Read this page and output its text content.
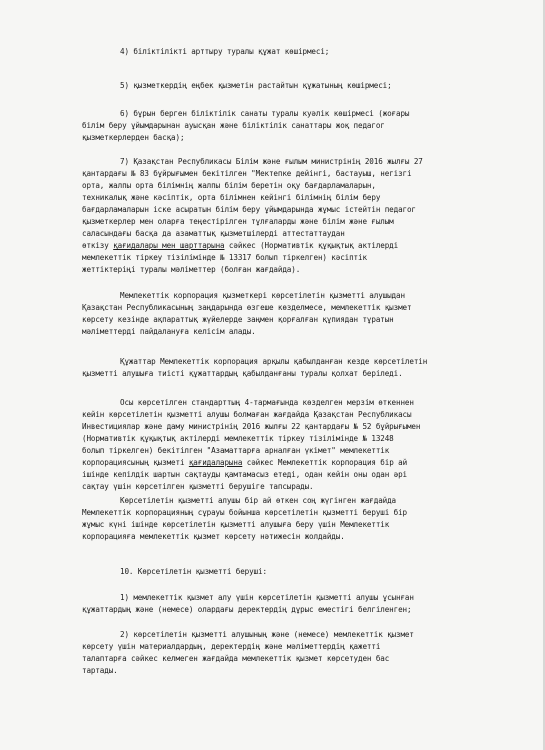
4) біліктілікті арттыру туралы құжат көшірмесі;
5) қызметкердің еңбек қызметін растайтын құжатының көшірмесі;
6) бұрын берген біліктілік санаты туралы куәлік көшірмесі (жоғары
білім беру ұйымдарынан ауысқан және біліктілік санаттары жоқ педагог
қызметкерлерден басқа);
7) Қазақстан Республикасы Білім және ғылым министрінің 2016 жылғы 27
қантардағы № 83 бұйрығымен бекітілген "Мектепке дейінгі, бастауыш, негізгі
орта, жалпы орта білімнің жалпы білім беретін оқу бағдарламаларын,
техникалық және кәсіптік, орта білімнен кейінгі білімнің білім беру
бағдарламаларын іске асыратын білім беру ұйымдарында жұмыс істейтін педагог
қызметкерлер мен оларға теңестірілген тұлғаларды және білім және ғылым
саласындағы басқа да азаматтық қызметшілерді аттестаттаудан
өткізу қағидалары мен шарттарына сәйкес (Нормативтік құқықтық актілерді
мемлекеттік тіркеу тізілімінде № 13317 болып тіркелген) кәсіптік
жеттіктеріңі туралы мәліметтер (болған жағдайда).
Мемлекеттік корпорация қызметкері көрсетілетін қызметті алушыдан
Қазақстан Республикасының заңдарында өзгеше көзделмесе, мемлекеттік қызмет
көрсету кезінде ақпараттық жүйелерде заңмен қорғалған құпиядан тұратын
мәліметтерді пайдалануға келісім алады.
Құжаттар Мемлекеттік корпорация арқылы қабылданған кезде көрсетілетін
қызметті алушыға тиісті құжаттардың қабылданғаны туралы қолхат беріледі.
Осы көрсетілген стандарттың 4-тармағында көзделген мерзім өткеннен
кейін көрсетілетін қызметті алушы болмаған жағдайда Қазақстан Республикасы
Инвестициялар және даму министрінің 2016 жылғы 22 қантардағы № 52 бұйрығымен
(Нормативтік құқықтық актілерді мемлекеттік тіркеу тізілімінде № 13248
болып тіркелген) бекітілген "Азаматтарға арналған үкімет" мемлекеттік
корпорациясының қызметі қағидаларына сәйкес Мемлекеттік корпорация бір ай
ішінде кепілдік шартын сақтауды қамтамасыз етеді, одан кейін оны одан әрі
сақтау үшін көрсетілген қызметті берушіге тапсырады.
Көрсетілетін қызметті алушы бір ай өткен соң жүгінген жағдайда
Мемлекеттік корпорацияның сұрауы бойынша көрсетілетін қызметті беруші бір
жұмыс күні ішінде көрсетілетін қызметті алушыға беру үшін Мемлекеттік
корпорацияға мемлекеттік қызмет көрсету нәтижесін жолдайды.
10. Көрсетілетін қызметті беруші:
1) мемлекеттік қызмет алу үшін көрсетілетін қызметті алушы ұсынған
құжаттардың және (немесе) олардағы деректердің дұрыс еместігі белгіленген;
2) көрсетілетін қызметті алушының және (немесе) мемлекеттік қызмет
көрсету үшін материалдардың, деректердің және мәліметтердің қажетті
талаптарға сәйкес келмеген жағдайда мемлекеттік қызмет көрсетуден бас
тартады.
